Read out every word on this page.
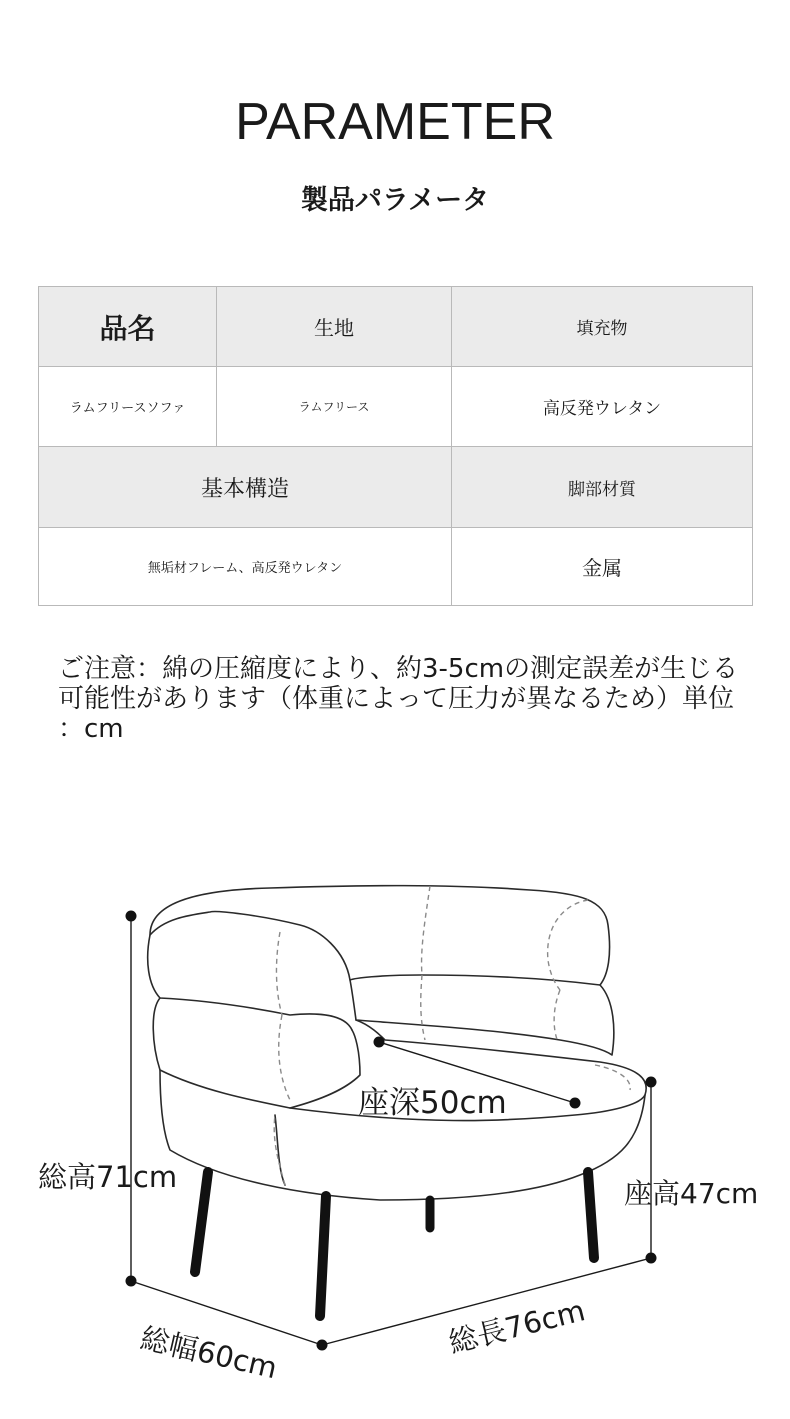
PARAMETER
製品パラメータ
品名	生地	填充物
ラムフリースソファ	ラムフリース	高反発ウレタン
基本構造		脚部材質
無垢材フレーム、高反発ウレタン		金属
ご注意：綿の圧縮度により、約3-5cmの測定誤差が生じる
可能性があります（体重によって圧力が異なるため）単位
：cm
座深50cm
総高71cm	座高47cm
総幅60cm	総長76cm
